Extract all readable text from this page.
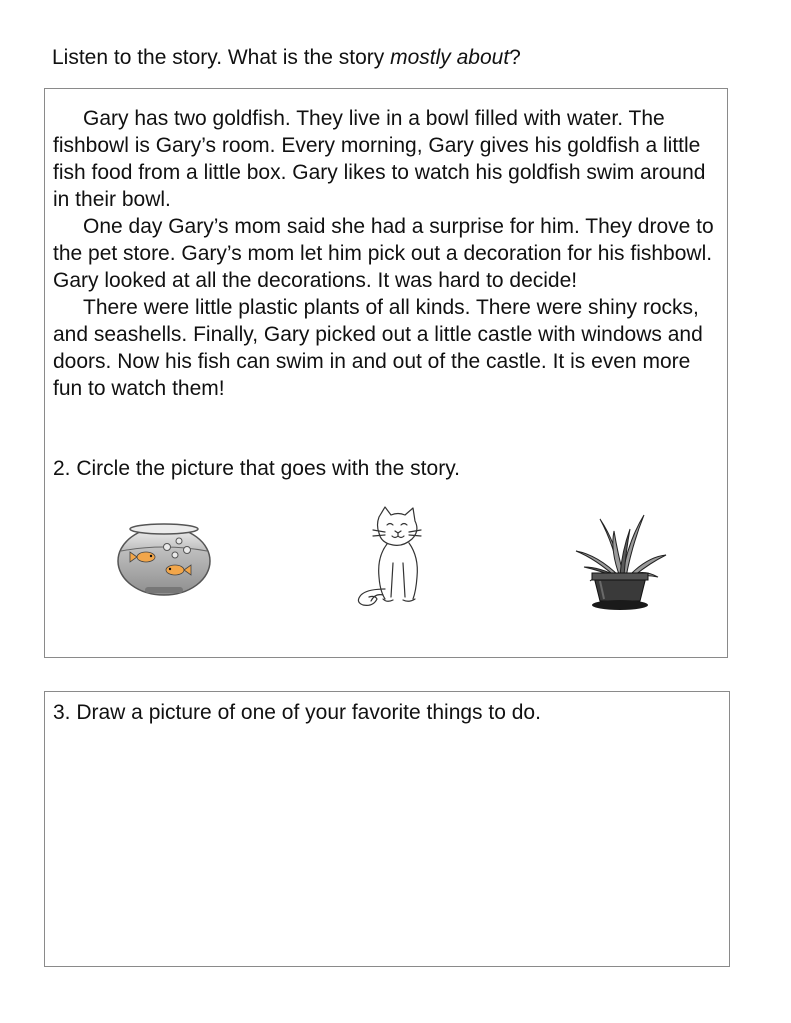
Listen to the story. What is the story mostly about?

Gary has two goldfish. They live in a bowl filled with water. The fishbowl is Gary’s room. Every morning, Gary gives his goldfish a little fish food from a little box. Gary likes to watch his goldfish swim around in their bowl.

One day Gary’s mom said she had a surprise for him. They drove to the pet store. Gary’s mom let him pick out a decoration for his fishbowl. Gary looked at all the decorations. It was hard to decide!

There were little plastic plants of all kinds. There were shiny rocks, and seashells. Finally, Gary picked out a little castle with windows and doors. Now his fish can swim in and out of the castle. It is even more fun to watch them!

2. Circle the picture that goes with the story.
3. Draw a picture of one of your favorite things to do.
